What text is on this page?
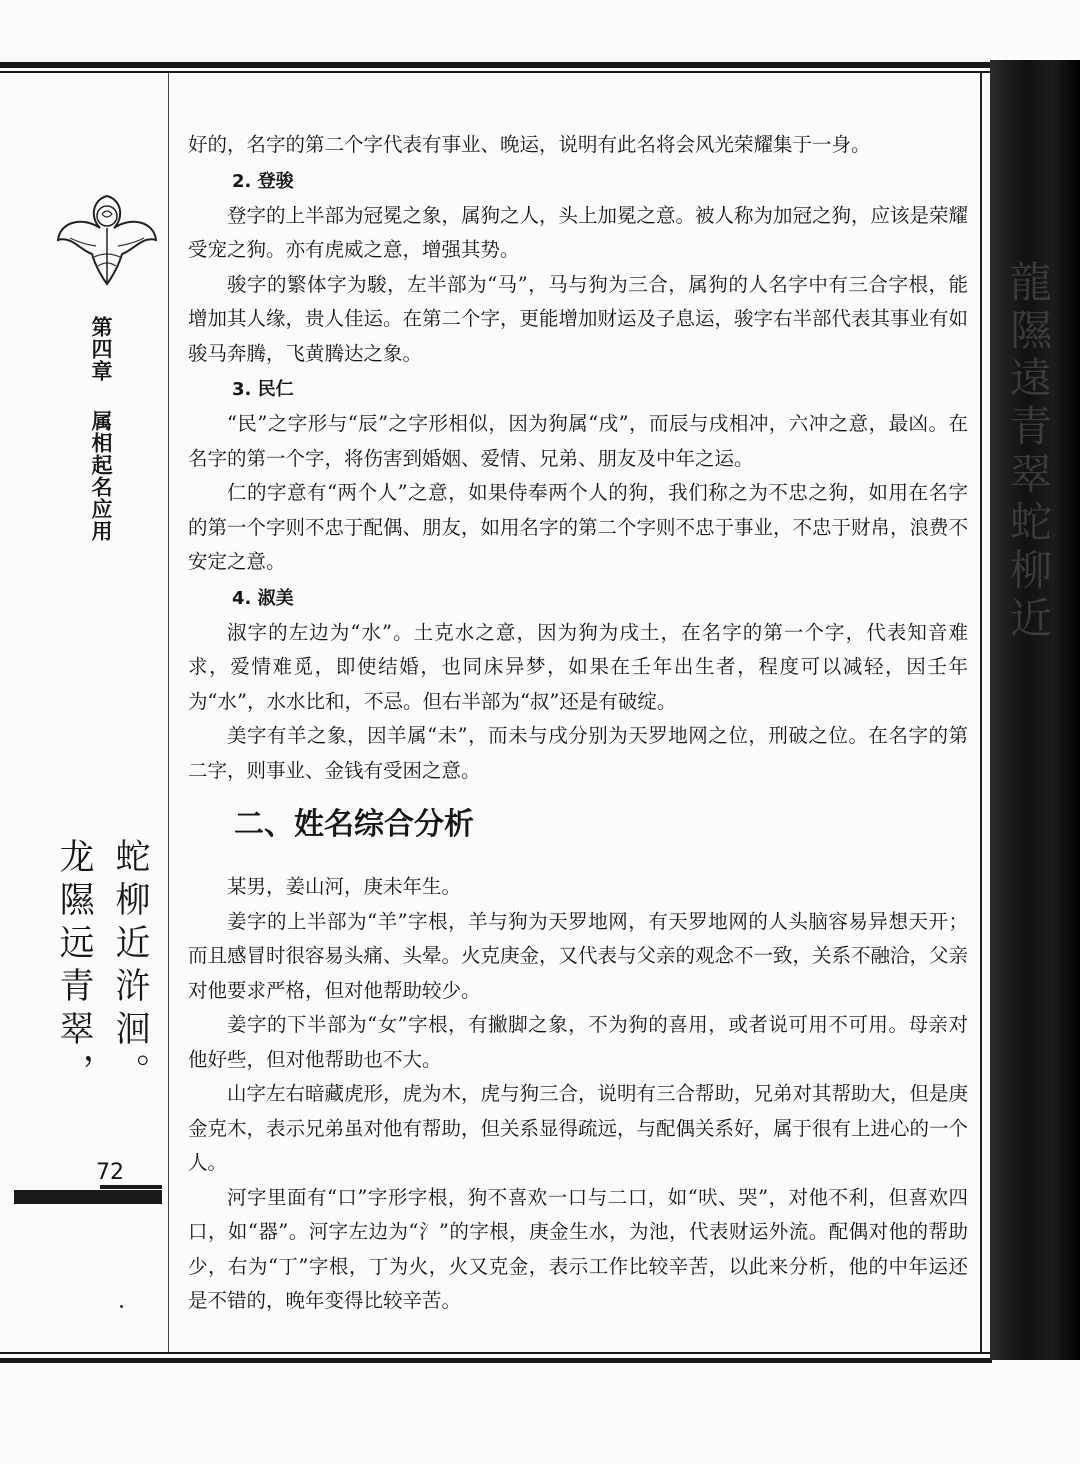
龍隰遠青翠蛇柳近
第四章属相起名应用
蛇柳近浒洄。
龙隰远青翠，
72

好的，名字的第二个字代表有事业、晚运，说明有此名将会风光荣耀集于一身。

2. 登骏

登字的上半部为冠冕之象，属狗之人，头上加冕之意。被人称为加冠之狗，应该是荣耀受宠之狗。亦有虎威之意，增强其势。

骏字的繁体字为駿，左半部为“马”，马与狗为三合，属狗的人名字中有三合字根，能增加其人缘，贵人佳运。在第二个字，更能增加财运及子息运，骏字右半部代表其事业有如骏马奔腾，飞黄腾达之象。

3. 民仁

“民”之字形与“辰”之字形相似，因为狗属“戌”，而辰与戌相冲，六冲之意，最凶。在名字的第一个字，将伤害到婚姻、爱情、兄弟、朋友及中年之运。

仁的字意有“两个人”之意，如果侍奉两个人的狗，我们称之为不忠之狗，如用在名字的第一个字则不忠于配偶、朋友，如用名字的第二个字则不忠于事业，不忠于财帛，浪费不安定之意。

4. 淑美

淑字的左边为“水”。土克水之意，因为狗为戌土，在名字的第一个字，代表知音难求，爱情难觅，即使结婚，也同床异梦，如果在壬年出生者，程度可以减轻，因壬年为“水”，水水比和，不忌。但右半部为“叔”还是有破绽。

美字有羊之象，因羊属“未”，而未与戌分别为天罗地网之位，刑破之位。在名字的第二字，则事业、金钱有受困之意。

二、姓名综合分析

某男，姜山河，庚未年生。

姜字的上半部为“羊”字根，羊与狗为天罗地网，有天罗地网的人头脑容易异想天开；而且感冒时很容易头痛、头晕。火克庚金，又代表与父亲的观念不一致，关系不融洽，父亲对他要求严格，但对他帮助较少。

姜字的下半部为“女”字根，有撇脚之象，不为狗的喜用，或者说可用不可用。母亲对他好些，但对他帮助也不大。

山字左右暗藏虎形，虎为木，虎与狗三合，说明有三合帮助，兄弟对其帮助大，但是庚金克木，表示兄弟虽对他有帮助，但关系显得疏远，与配偶关系好，属于很有上进心的一个人。

河字里面有“口”字形字根，狗不喜欢一口与二口，如“吠、哭”，对他不利，但喜欢四口，如“器”。河字左边为“氵”的字根，庚金生水，为池，代表财运外流。配偶对他的帮助少，右为“丁”字根，丁为火，火又克金，表示工作比较辛苦，以此来分析，他的中年运还是不错的，晚年变得比较辛苦。
